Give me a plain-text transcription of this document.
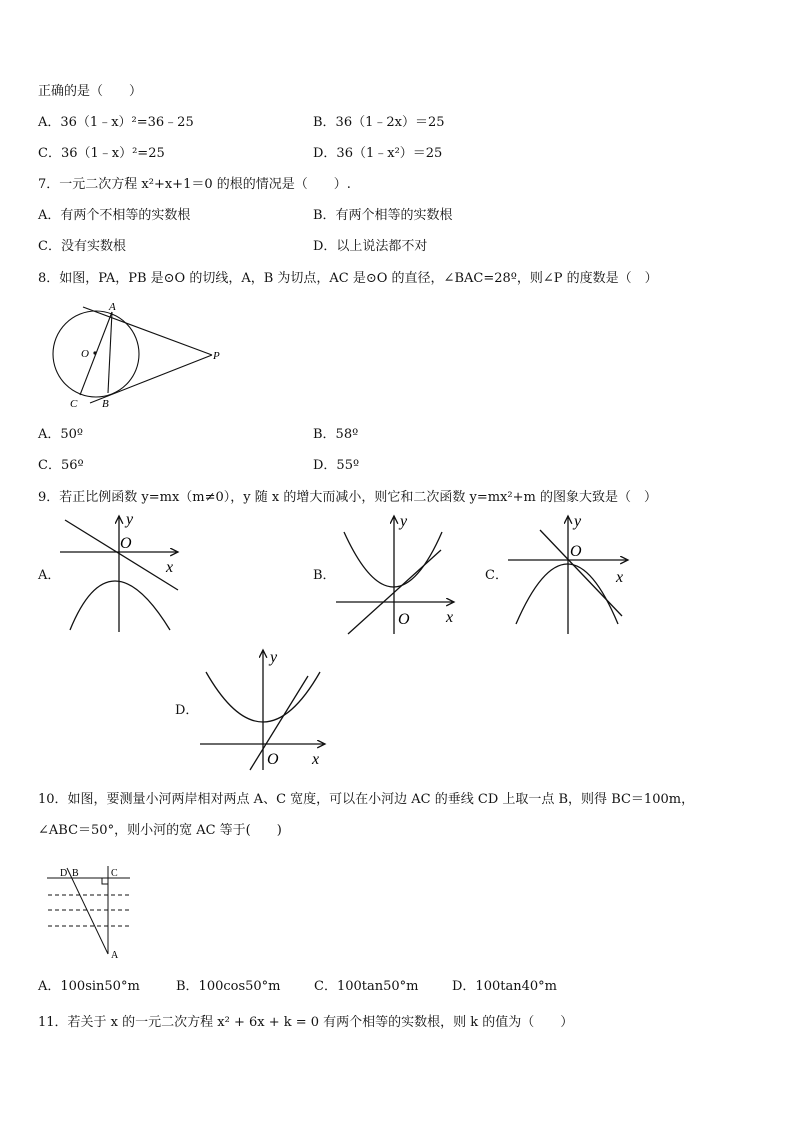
正确的是（　　）
A．36（1﹣x）²=36﹣25	B．36（1﹣2x）＝25
C．36（1﹣x）²=25	D．36（1﹣x²）＝25
7．一元二次方程 x²+x+1＝0 的根的情况是（　　）.
A．有两个不相等的实数根	B．有两个相等的实数根
C．没有实数根	D．以上说法都不对
8．如图，PA，PB 是⊙O 的切线，A，B 为切点，AC 是⊙O 的直径，∠BAC=28º，则∠P 的度数是（　）
A
O	P
C B
A．50º	B．58º
C．56º	D．55º
9．若正比例函数 y=mx（m≠0），y 随 x 的增大而减小，则它和二次函数 y=mx²+m 的图象大致是（　）
A．
y
O
x	B．
y
O x
C．
y
O
x
D．
y
O x
10．如图，要测量小河两岸相对两点 A、C 宽度，可以在小河边 AC 的垂线 CD 上取一点 B，则得 BC＝100m，
∠ABC＝50°，则小河的宽 AC 等于(　　)
D B	C
A
A．100sin50°m	B．100cos50°m	C．100tan50°m	D．100tan40°m
11．若关于 x 的一元二次方程 x² + 6x + k = 0 有两个相等的实数根，则 k 的值为（　　）
